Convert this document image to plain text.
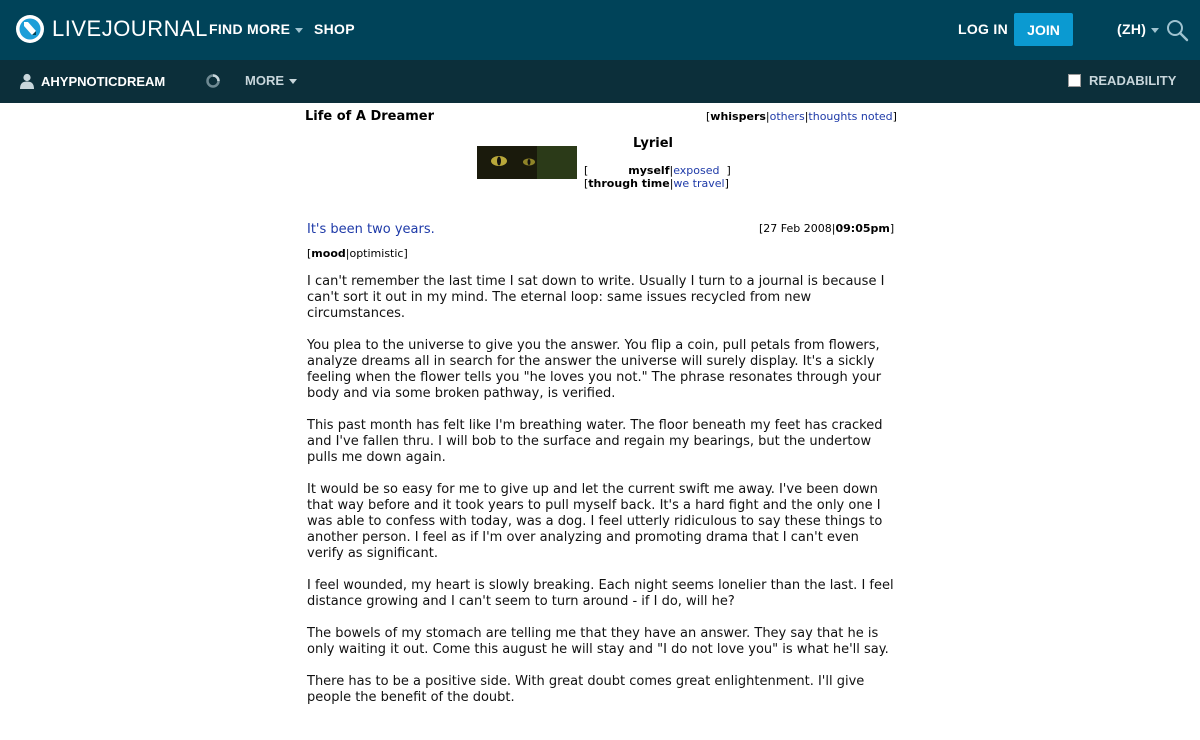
LIVEJOURNAL FIND MORE	SHOP	LOG IN	JOIN	(ZH)
AHYPNOTICDREAM	MORE	READABILITY
Life of A Dreamer	[whispers|others|thoughts noted]
Lyriel
[	myself|exposed  ]
[through time|we travel]
It's been two years.	[27 Feb 2008|09:05pm]
[mood|optimistic]

I can't remember the last time I sat down to write. Usually I turn to a journal is because I can't sort it out in my mind. The eternal loop: same issues recycled from new circumstances.

You plea to the universe to give you the answer. You flip a coin, pull petals from flowers, analyze dreams all in search for the answer the universe will surely display. It's a sickly feeling when the flower tells you "he loves you not." The phrase resonates through your body and via some broken pathway, is verified.

This past month has felt like I'm breathing water. The floor beneath my feet has cracked and I've fallen thru. I will bob to the surface and regain my bearings, but the undertow pulls me down again.

It would be so easy for me to give up and let the current swift me away. I've been down that way before and it took years to pull myself back. It's a hard fight and the only one I was able to confess with today, was a dog. I feel utterly ridiculous to say these things to another person. I feel as if I'm over analyzing and promoting drama that I can't even verify as significant.

I feel wounded, my heart is slowly breaking. Each night seems lonelier than the last. I feel distance growing and I can't seem to turn around - if I do, will he?

The bowels of my stomach are telling me that they have an answer. They say that he is only waiting it out. Come this august he will stay and "I do not love you" is what he'll say.

There has to be a positive side. With great doubt comes great enlightenment. I'll give people the benefit of the doubt.
